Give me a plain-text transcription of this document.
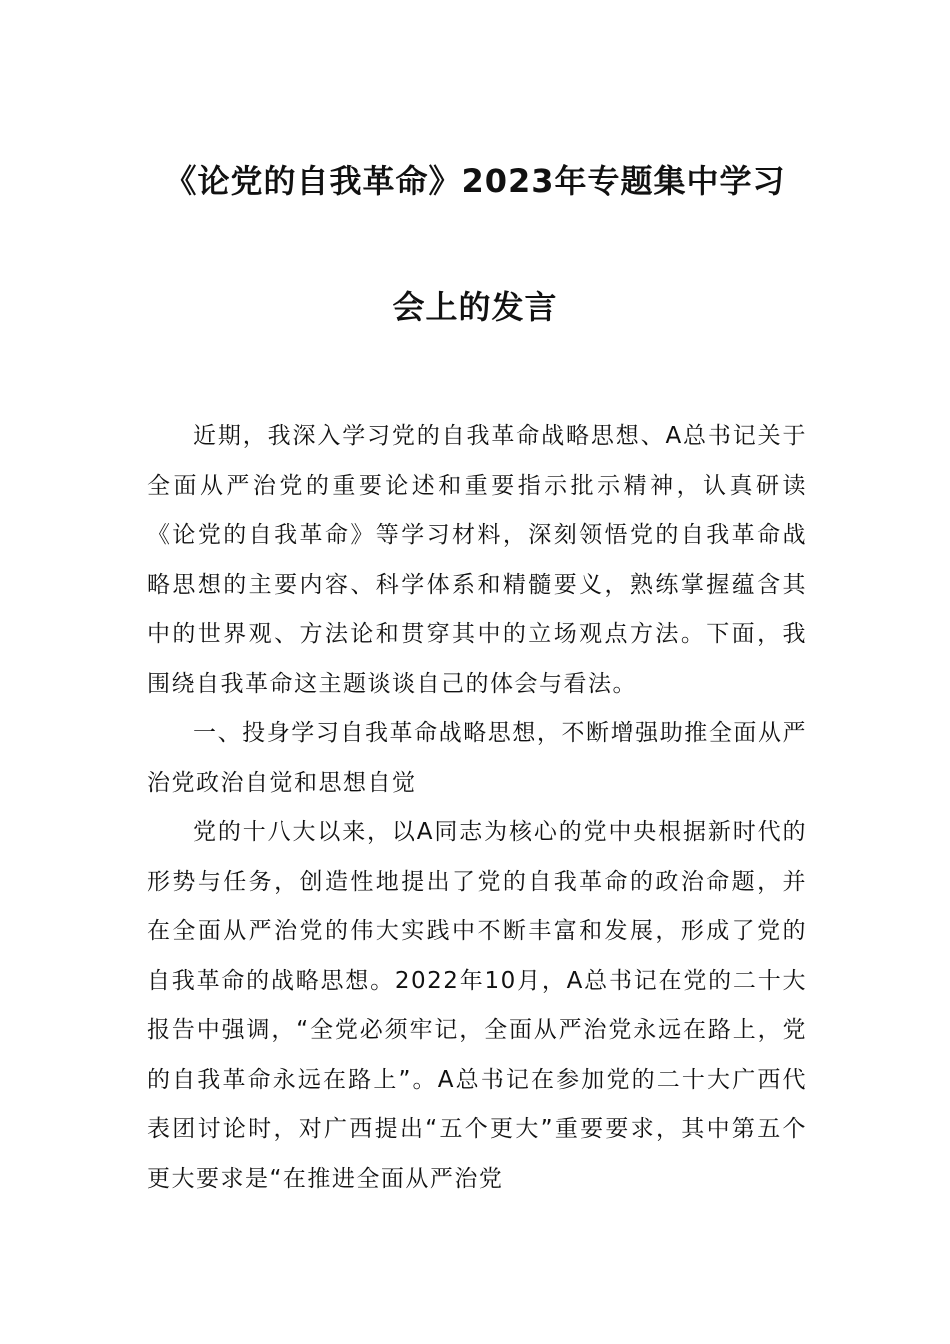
《论党的自我革命》2023年专题集中学习
会上的发言

近期，我深入学习党的自我革命战略思想、A总书记关于全面从严治党的重要论述和重要指示批示精神，认真研读《论党的自我革命》等学习材料，深刻领悟党的自我革命战略思想的主要内容、科学体系和精髓要义，熟练掌握蕴含其中的世界观、方法论和贯穿其中的立场观点方法。下面，我围绕自我革命这主题谈谈自己的体会与看法。

一、投身学习自我革命战略思想，不断增强助推全面从严治党政治自觉和思想自觉

党的十八大以来，以A同志为核心的党中央根据新时代的形势与任务，创造性地提出了党的自我革命的政治命题，并在全面从严治党的伟大实践中不断丰富和发展，形成了党的自我革命的战略思想。2022年10月，A总书记在党的二十大报告中强调，“全党必须牢记，全面从严治党永远在路上，党的自我革命永远在路上”。A总书记在参加党的二十大广西代表团讨论时，对广西提出“五个更大”重要要求，其中第五个更大要求是“在推进全面从严治党
